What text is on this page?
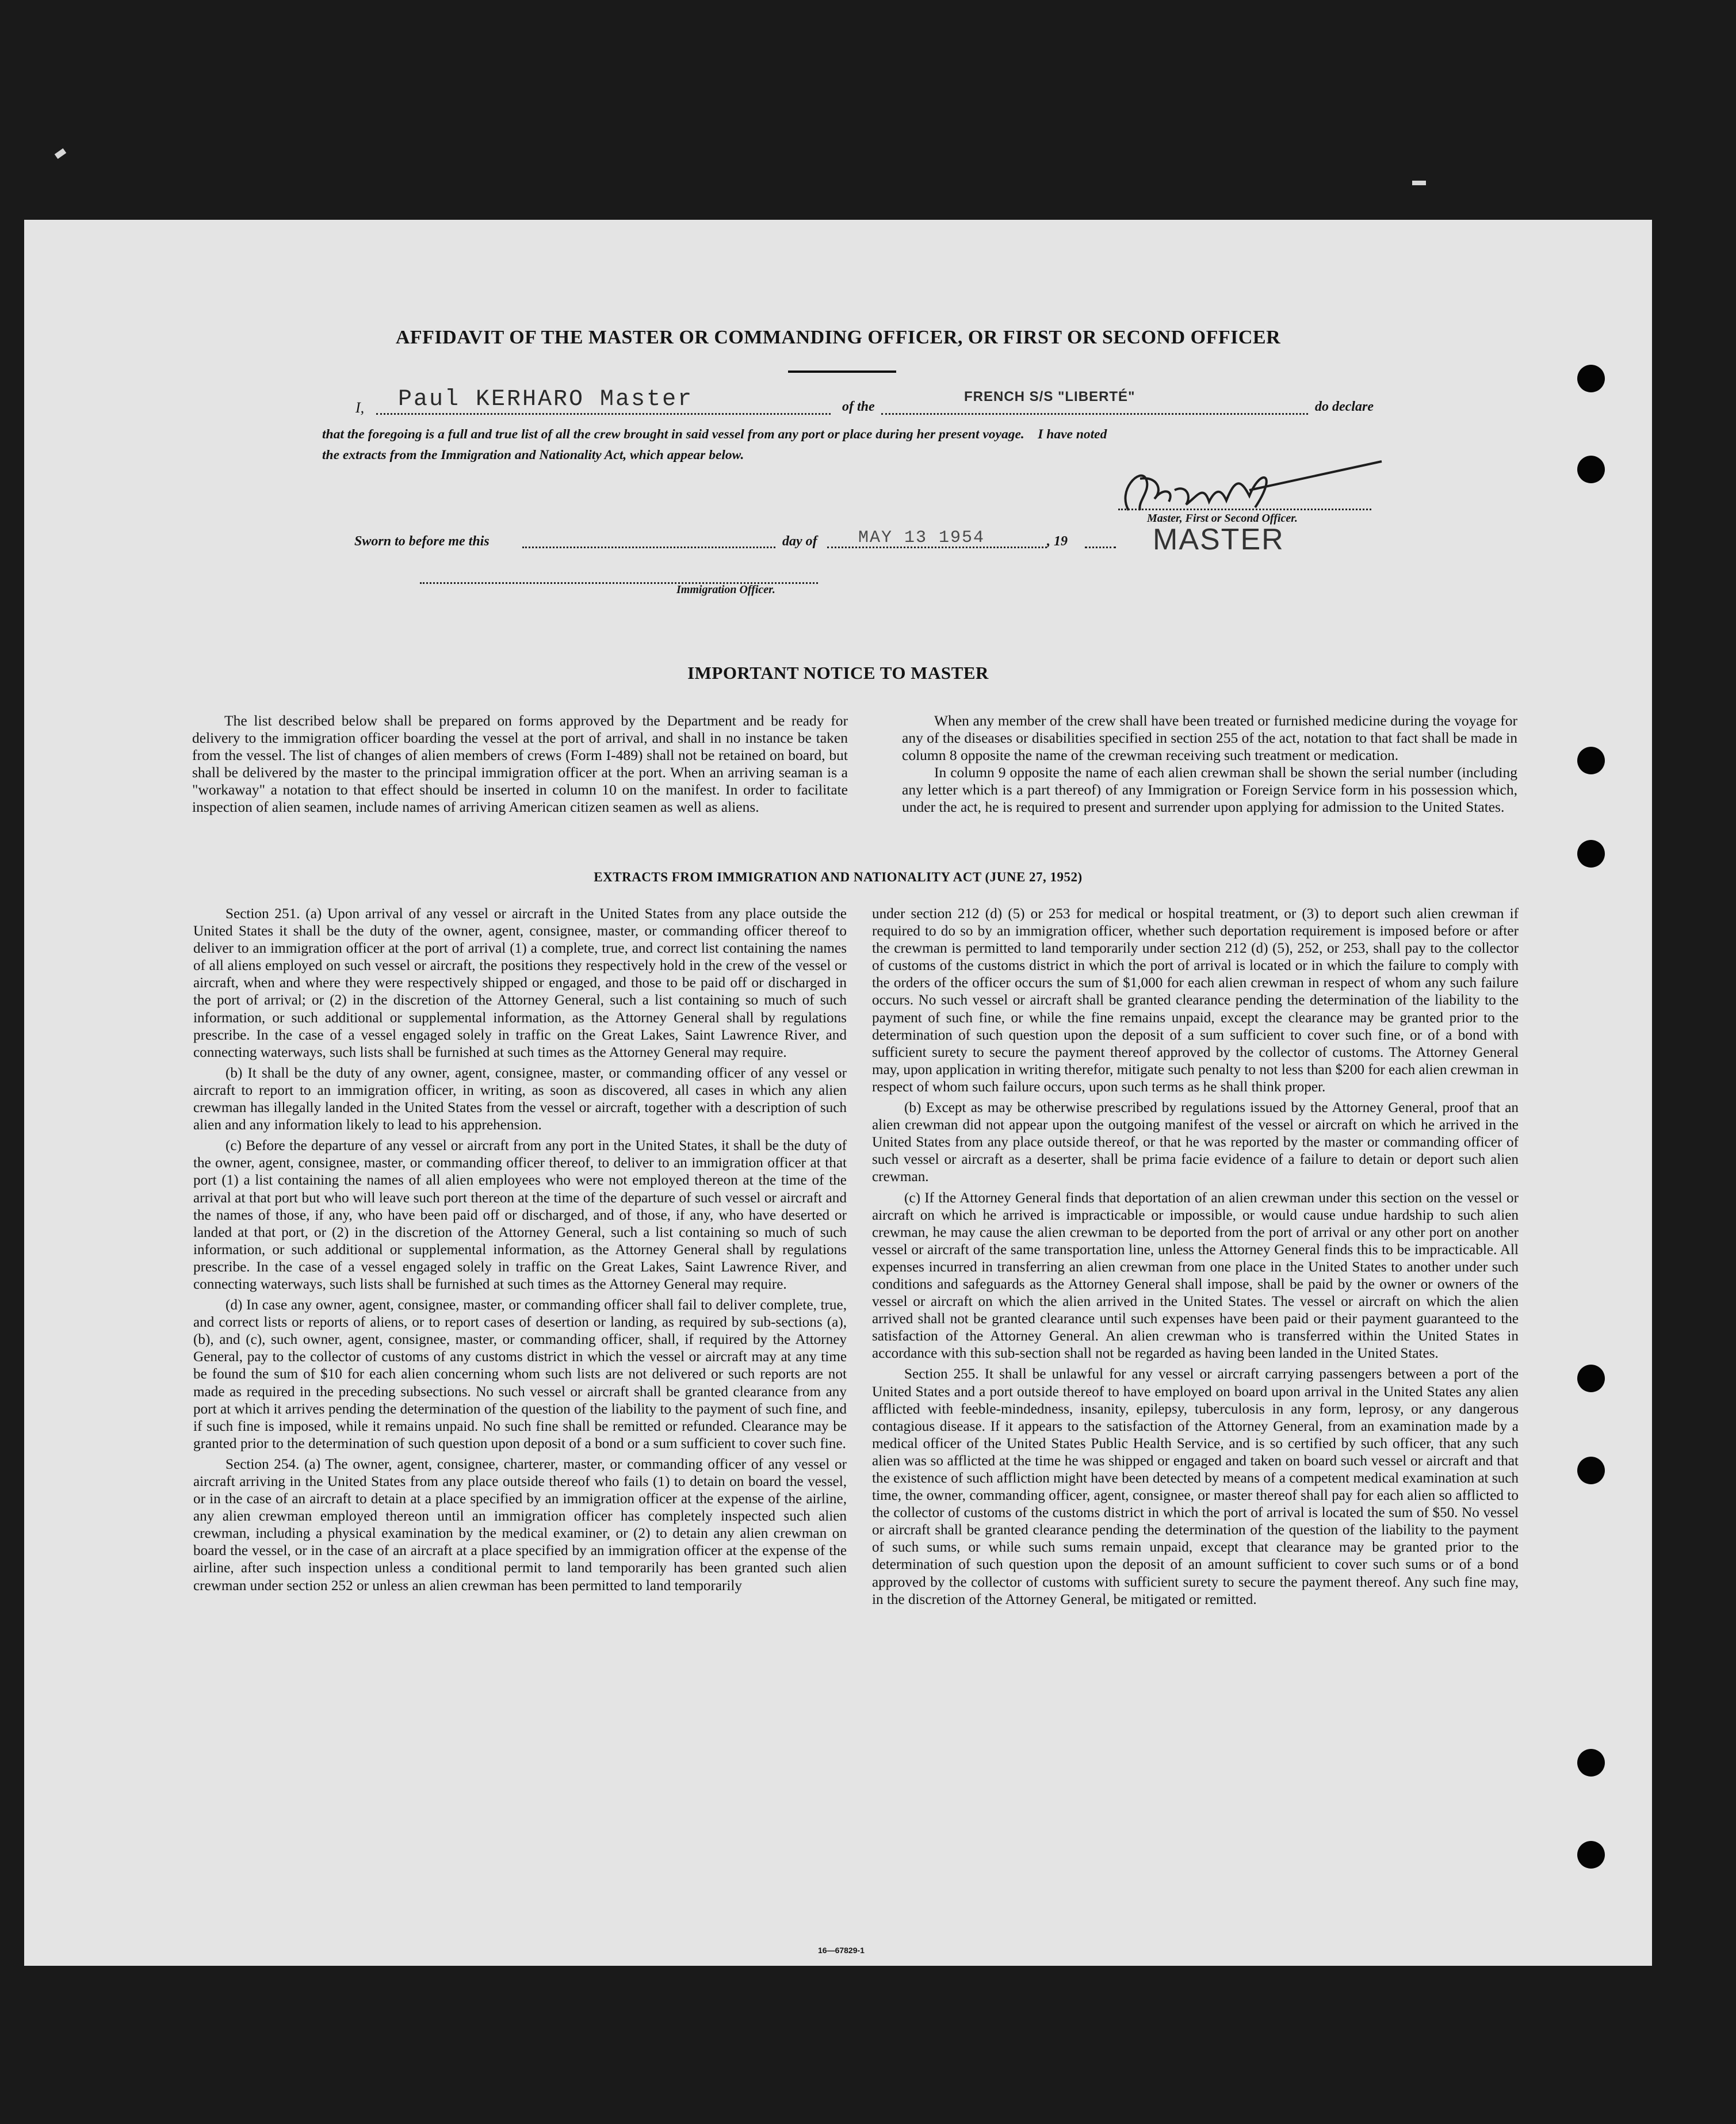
AFFIDAVIT OF THE MASTER OR COMMANDING OFFICER, OR FIRST OR SECOND OFFICER
I, Paul KERHARO Master	of the
FRENCH S/S "LIBERTÉ"
do declare
that the foregoing is a full and true list of all the crew brought in said vessel from any port or place during her present voyage.    I have noted
the extracts from the Immigration and Nationality Act, which appear below.
Master, First or Second Officer.
MASTER
Sworn to before me this	day of MAY 13 1954	, 19
Immigration Officer.
IMPORTANT NOTICE TO MASTER

The list described below shall be prepared on forms approved by the Department and be ready for delivery to the immigration officer boarding the vessel at the port of arrival, and shall in no instance be taken from the vessel. The list of changes of alien members of crews (Form I-489) shall not be retained on board, but shall be delivered by the master to the principal immigration officer at the port. When an arriving seaman is a "workaway" a notation to that effect should be inserted in column 10 on the manifest. In order to facilitate inspection of alien seamen, include names of arriving American citizen seamen as well as aliens.

When any member of the crew shall have been treated or furnished medicine during the voyage for any of the diseases or disabilities specified in section 255 of the act, notation to that fact shall be made in column 8 opposite the name of the crewman receiving such treatment or medication.

In column 9 opposite the name of each alien crewman shall be shown the serial number (including any letter which is a part thereof) of any Immigration or Foreign Service form in his possession which, under the act, he is required to present and surrender upon applying for admission to the United States.

EXTRACTS FROM IMMIGRATION AND NATIONALITY ACT (JUNE 27, 1952)

Section 251. (a) Upon arrival of any vessel or aircraft in the United States from any place outside the United States it shall be the duty of the owner, agent, consignee, master, or commanding officer thereof to deliver to an immigration officer at the port of arrival (1) a complete, true, and correct list containing the names of all aliens employed on such vessel or aircraft, the positions they respectively hold in the crew of the vessel or aircraft, when and where they were respectively shipped or engaged, and those to be paid off or discharged in the port of arrival; or (2) in the discretion of the Attorney General, such a list containing so much of such information, or such additional or supplemental information, as the Attorney General shall by regulations prescribe. In the case of a vessel engaged solely in traffic on the Great Lakes, Saint Lawrence River, and connecting waterways, such lists shall be furnished at such times as the Attorney General may require.

(b) It shall be the duty of any owner, agent, consignee, master, or commanding officer of any vessel or aircraft to report to an immigration officer, in writing, as soon as discovered, all cases in which any alien crewman has illegally landed in the United States from the vessel or aircraft, together with a description of such alien and any information likely to lead to his apprehension.

(c) Before the departure of any vessel or aircraft from any port in the United States, it shall be the duty of the owner, agent, consignee, master, or commanding officer thereof, to deliver to an immigration officer at that port (1) a list containing the names of all alien employees who were not employed thereon at the time of the arrival at that port but who will leave such port thereon at the time of the departure of such vessel or aircraft and the names of those, if any, who have been paid off or discharged, and of those, if any, who have deserted or landed at that port, or (2) in the discretion of the Attorney General, such a list containing so much of such information, or such additional or supplemental information, as the Attorney General shall by regulations prescribe. In the case of a vessel engaged solely in traffic on the Great Lakes, Saint Lawrence River, and connecting waterways, such lists shall be furnished at such times as the Attorney General may require.

(d) In case any owner, agent, consignee, master, or commanding officer shall fail to deliver complete, true, and correct lists or reports of aliens, or to report cases of desertion or landing, as required by sub-sections (a), (b), and (c), such owner, agent, consignee, master, or commanding officer, shall, if required by the Attorney General, pay to the collector of customs of any customs district in which the vessel or aircraft may at any time be found the sum of $10 for each alien concerning whom such lists are not delivered or such reports are not made as required in the preceding subsections. No such vessel or aircraft shall be granted clearance from any port at which it arrives pending the determination of the question of the liability to the payment of such fine, and if such fine is imposed, while it remains unpaid. No such fine shall be remitted or refunded. Clearance may be granted prior to the determination of such question upon deposit of a bond or a sum sufficient to cover such fine.

Section 254. (a) The owner, agent, consignee, charterer, master, or commanding officer of any vessel or aircraft arriving in the United States from any place outside thereof who fails (1) to detain on board the vessel, or in the case of an aircraft to detain at a place specified by an immigration officer at the expense of the airline, any alien crewman employed thereon until an immigration officer has completely inspected such alien crewman, including a physical examination by the medical examiner, or (2) to detain any alien crewman on board the vessel, or in the case of an aircraft at a place specified by an immigration officer at the expense of the airline, after such inspection unless a conditional permit to land temporarily has been granted such alien crewman under section 252 or unless an alien crewman has been permitted to land temporarily

under section 212 (d) (5) or 253 for medical or hospital treatment, or (3) to deport such alien crewman if required to do so by an immigration officer, whether such deportation requirement is imposed before or after the crewman is permitted to land temporarily under section 212 (d) (5), 252, or 253, shall pay to the collector of customs of the customs district in which the port of arrival is located or in which the failure to comply with the orders of the officer occurs the sum of $1,000 for each alien crewman in respect of whom any such failure occurs. No such vessel or aircraft shall be granted clearance pending the determination of the liability to the payment of such fine, or while the fine remains unpaid, except the clearance may be granted prior to the determination of such question upon the deposit of a sum sufficient to cover such fine, or of a bond with sufficient surety to secure the payment thereof approved by the collector of customs. The Attorney General may, upon application in writing therefor, mitigate such penalty to not less than $200 for each alien crewman in respect of whom such failure occurs, upon such terms as he shall think proper.

(b) Except as may be otherwise prescribed by regulations issued by the Attorney General, proof that an alien crewman did not appear upon the outgoing manifest of the vessel or aircraft on which he arrived in the United States from any place outside thereof, or that he was reported by the master or commanding officer of such vessel or aircraft as a deserter, shall be prima facie evidence of a failure to detain or deport such alien crewman.

(c) If the Attorney General finds that deportation of an alien crewman under this section on the vessel or aircraft on which he arrived is impracticable or impossible, or would cause undue hardship to such alien crewman, he may cause the alien crewman to be deported from the port of arrival or any other port on another vessel or aircraft of the same transportation line, unless the Attorney General finds this to be impracticable. All expenses incurred in transferring an alien crewman from one place in the United States to another under such conditions and safeguards as the Attorney General shall impose, shall be paid by the owner or owners of the vessel or aircraft on which the alien arrived in the United States. The vessel or aircraft on which the alien arrived shall not be granted clearance until such expenses have been paid or their payment guaranteed to the satisfaction of the Attorney General. An alien crewman who is transferred within the United States in accordance with this sub-section shall not be regarded as having been landed in the United States.

Section 255. It shall be unlawful for any vessel or aircraft carrying passengers between a port of the United States and a port outside thereof to have employed on board upon arrival in the United States any alien afflicted with feeble-mindedness, insanity, epilepsy, tuberculosis in any form, leprosy, or any dangerous contagious disease. If it appears to the satisfaction of the Attorney General, from an examination made by a medical officer of the United States Public Health Service, and is so certified by such officer, that any such alien was so afflicted at the time he was shipped or engaged and taken on board such vessel or aircraft and that the existence of such affliction might have been detected by means of a competent medical examination at such time, the owner, commanding officer, agent, consignee, or master thereof shall pay for each alien so afflicted to the collector of customs of the customs district in which the port of arrival is located the sum of $50. No vessel or aircraft shall be granted clearance pending the determination of the question of the liability to the payment of such sums, or while such sums remain unpaid, except that clearance may be granted prior to the determination of such question upon the deposit of an amount sufficient to cover such sums or of a bond approved by the collector of customs with sufficient surety to secure the payment thereof. Any such fine may, in the discretion of the Attorney General, be mitigated or remitted.

16—67829-1
